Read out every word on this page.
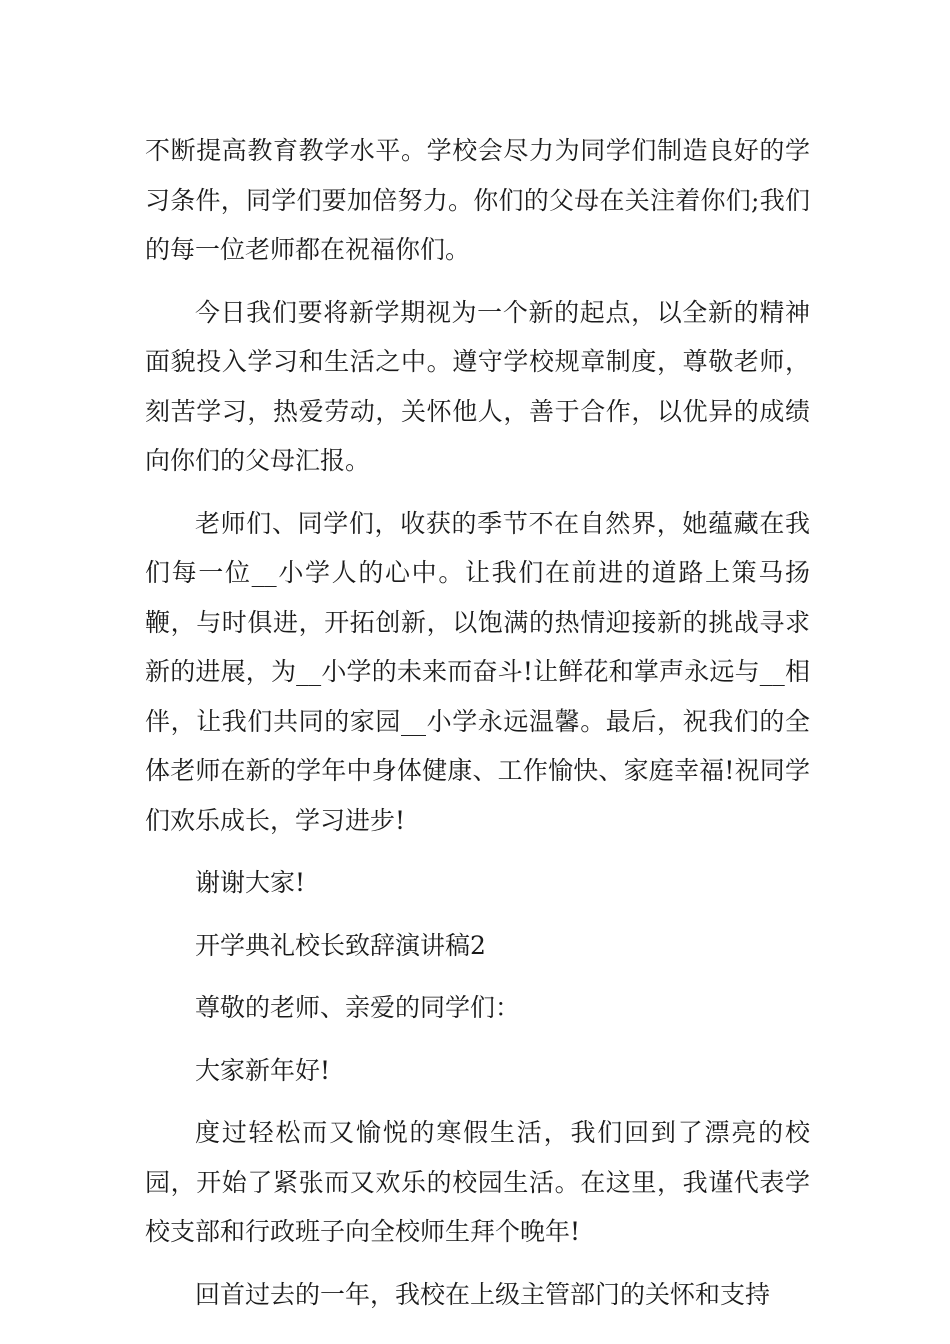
不断提高教育教学水平。学校会尽力为同学们制造良好的学习条件，同学们要加倍努力。你们的父母在关注着你们;我们的每一位老师都在祝福你们。

今日我们要将新学期视为一个新的起点，以全新的精神面貌投入学习和生活之中。遵守学校规章制度，尊敬老师，刻苦学习，热爱劳动，关怀他人，善于合作，以优异的成绩向你们的父母汇报。

老师们、同学们，收获的季节不在自然界，她蕴藏在我们每一位__小学人的心中。让我们在前进的道路上策马扬鞭，与时俱进，开拓创新，以饱满的热情迎接新的挑战寻求新的进展，为__小学的未来而奋斗!让鲜花和掌声永远与__相伴，让我们共同的家园__小学永远温馨。最后，祝我们的全体老师在新的学年中身体健康、工作愉快、家庭幸福!祝同学们欢乐成长，学习进步!

谢谢大家!

开学典礼校长致辞演讲稿2

尊敬的老师、亲爱的同学们：

大家新年好!

度过轻松而又愉悦的寒假生活，我们回到了漂亮的校园，开始了紧张而又欢乐的校园生活。在这里，我谨代表学校支部和行政班子向全校师生拜个晚年!

回首过去的一年，我校在上级主管部门的关怀和支持
